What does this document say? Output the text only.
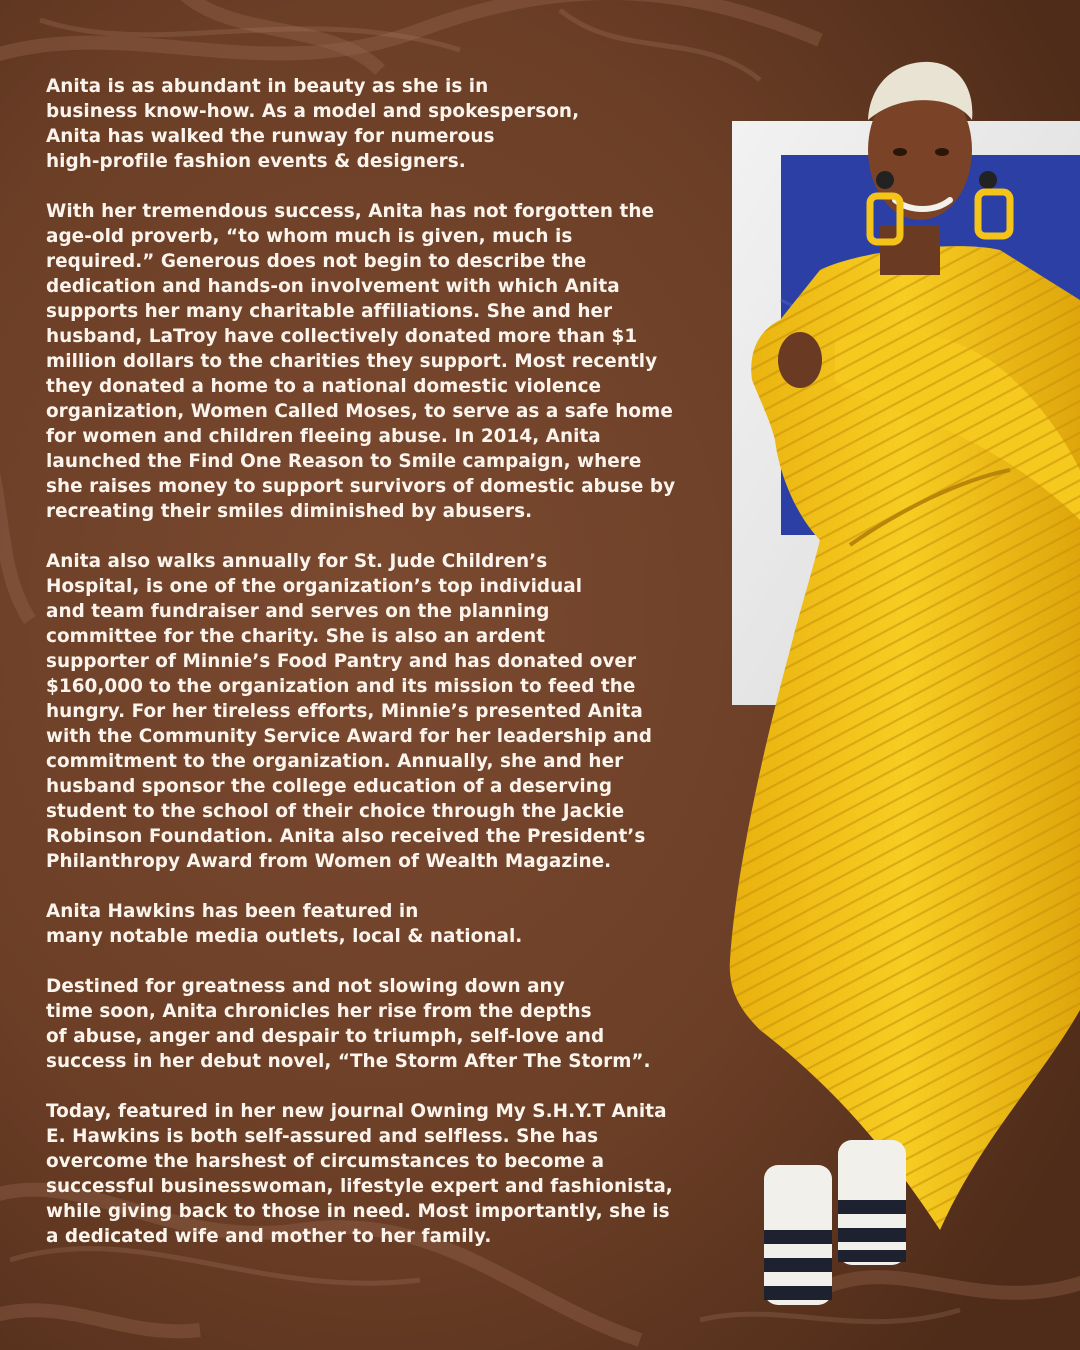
Anita is as abundant in beauty as she is in
business know-how. As a model and spokesperson,
Anita has walked the runway for numerous
high-profile fashion events & designers.

With her tremendous success, Anita has not forgotten the
age-old proverb, “to whom much is given, much is
required.” Generous does not begin to describe the
dedication and hands-on involvement with which Anita
supports her many charitable affiliations. She and her
husband, LaTroy have collectively donated more than $1
million dollars to the charities they support. Most recently
they donated a home to a national domestic violence
organization, Women Called Moses, to serve as a safe home
for women and children fleeing abuse. In 2014, Anita
launched the Find One Reason to Smile campaign, where
she raises money to support survivors of domestic abuse by
recreating their smiles diminished by abusers.

Anita also walks annually for St. Jude Children’s
Hospital, is one of the organization’s top individual
and team fundraiser and serves on the planning
committee for the charity. She is also an ardent
supporter of Minnie’s Food Pantry and has donated over
$160,000 to the organization and its mission to feed the
hungry. For her tireless efforts, Minnie’s presented Anita
with the Community Service Award for her leadership and
commitment to the organization. Annually, she and her
husband sponsor the college education of a deserving
student to the school of their choice through the Jackie
Robinson Foundation. Anita also received the President’s
Philanthropy Award from Women of Wealth Magazine.

Anita Hawkins has been featured in
many notable media outlets, local & national.

Destined for greatness and not slowing down any
time soon, Anita chronicles her rise from the depths
of abuse, anger and despair to triumph, self-love and
success in her debut novel, “The Storm After The Storm”.

Today, featured in her new journal Owning My S.H.Y.T Anita
E. Hawkins is both self-assured and selfless. She has
overcome the harshest of circumstances to become a
successful businesswoman, lifestyle expert and fashionista,
while giving back to those in need. Most importantly, she is
a dedicated wife and mother to her family.
